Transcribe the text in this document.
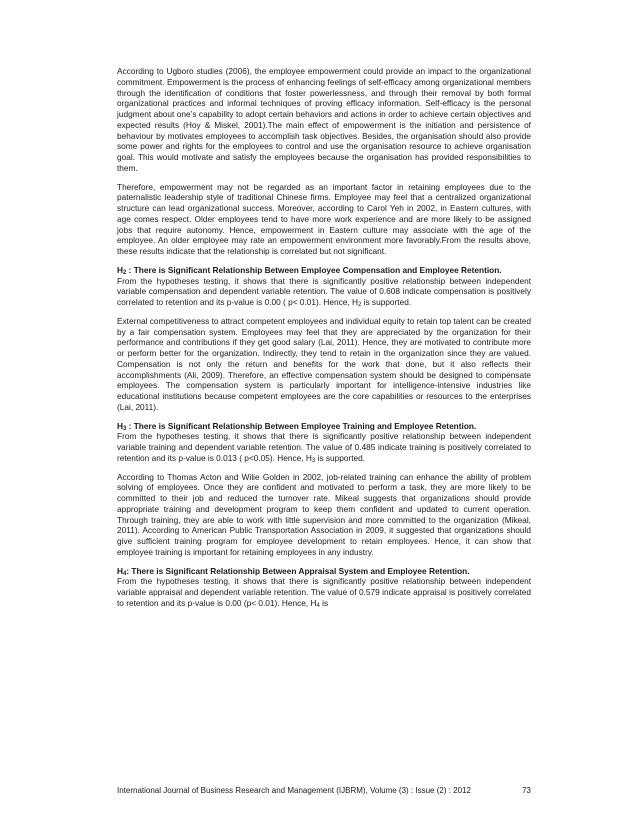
According to Ugboro studies (2006), the employee empowerment could provide an impact to the organizational commitment. Empowerment is the process of enhancing feelings of self-efficacy among organizational members through the identification of conditions that foster powerlessness, and through their removal by both formal organizational practices and informal techniques of proving efficacy information. Self-efficacy is the personal judgment about one’s capability to adopt certain behaviors and actions in order to achieve certain objectives and expected results (Hoy & Miskel, 2001).The main effect of empowerment is the initiation and persistence of behaviour by motivates employees to accomplish task objectives. Besides, the organisation should also provide some power and rights for the employees to control and use the organisation resource to achieve organisation goal. This would motivate and satisfy the employees because the organisation has provided responsibilities to them.

Therefore, empowerment may not be regarded as an important factor in retaining employees due to the paternalistic leadership style of traditional Chinese firms. Employee may feel that a centralized organizational structure can lead organizational success. Moreover, according to Carol Yeh in 2002, in Eastern cultures, with age comes respect. Older employees tend to have more work experience and are more likely to be assigned jobs that require autonomy. Hence, empowerment in Eastern culture may associate with the age of the employee. An older employee may rate an empowerment environment more favorably.From the results above, these results indicate that the relationship is correlated but not significant.

$H_2$ : There is Significant Relationship Between Employee Compensation and Employee Retention.

From the hypotheses testing, it shows that there is significantly positive relationship between independent variable compensation and dependent variable retention. The value of 0.608 indicate compensation is positively correlated to retention and its p-value is 0.00 ( p< 0.01). Hence, $H_2$ is supported.

External competitiveness to attract competent employees and individual equity to retain top talent can be created by a fair compensation system. Employees may feel that they are appreciated by the organization for their performance and contributions if they get good salary (Lai, 2011). Hence, they are motivated to contribute more or perform better for the organization. Indirectly, they tend to retain in the organization since they are valued. Compensation is not only the return and benefits for the work that done, but it also reflects their accomplishments (Ali, 2009). Therefore, an effective compensation system should be designed to compensate employees. The compensation system is particularly important for intelligence-intensive industries like educational institutions because competent employees are the core capabilities or resources to the enterprises (Lai, 2011).

$H_3$ : There is Significant Relationship Between Employee Training and Employee Retention.

From the hypotheses testing, it shows that there is significantly positive relationship between independent variable training and dependent variable retention. The value of 0.485 indicate training is positively correlated to retention and its p-value is 0.013 ( p<0.05). Hence, $H_3$ is supported.

According to Thomas Acton and Wilie Golden in 2002, job-related training can enhance the ability of problem solving of employees. Once they are confident and motivated to perform a task, they are more likely to be committed to their job and reduced the turnover rate. Mikeal suggests that organizations should provide appropriate training and development program to keep them confident and updated to current operation. Through training, they are able to work with little supervision and more committed to the organization (Mikeal, 2011). According to American Public Transportation Association in 2009, it suggested that organizations should give sufficient training program for employee development to retain employees. Hence, it can show that employee training is important for retaining employees in any industry.

$H_4$: There is Significant Relationship Between Appraisal System and Employee Retention.

From the hypotheses testing, it shows that there is significantly positive relationship between independent variable appraisal and dependent variable retention. The value of 0.579 indicate appraisal is positively correlated to retention and its p-value is 0.00 (p< 0.01). Hence, $H_4$ is

International Journal of Business Research and Management (IJBRM), Volume (3) : Issue (2) : 2012	73
